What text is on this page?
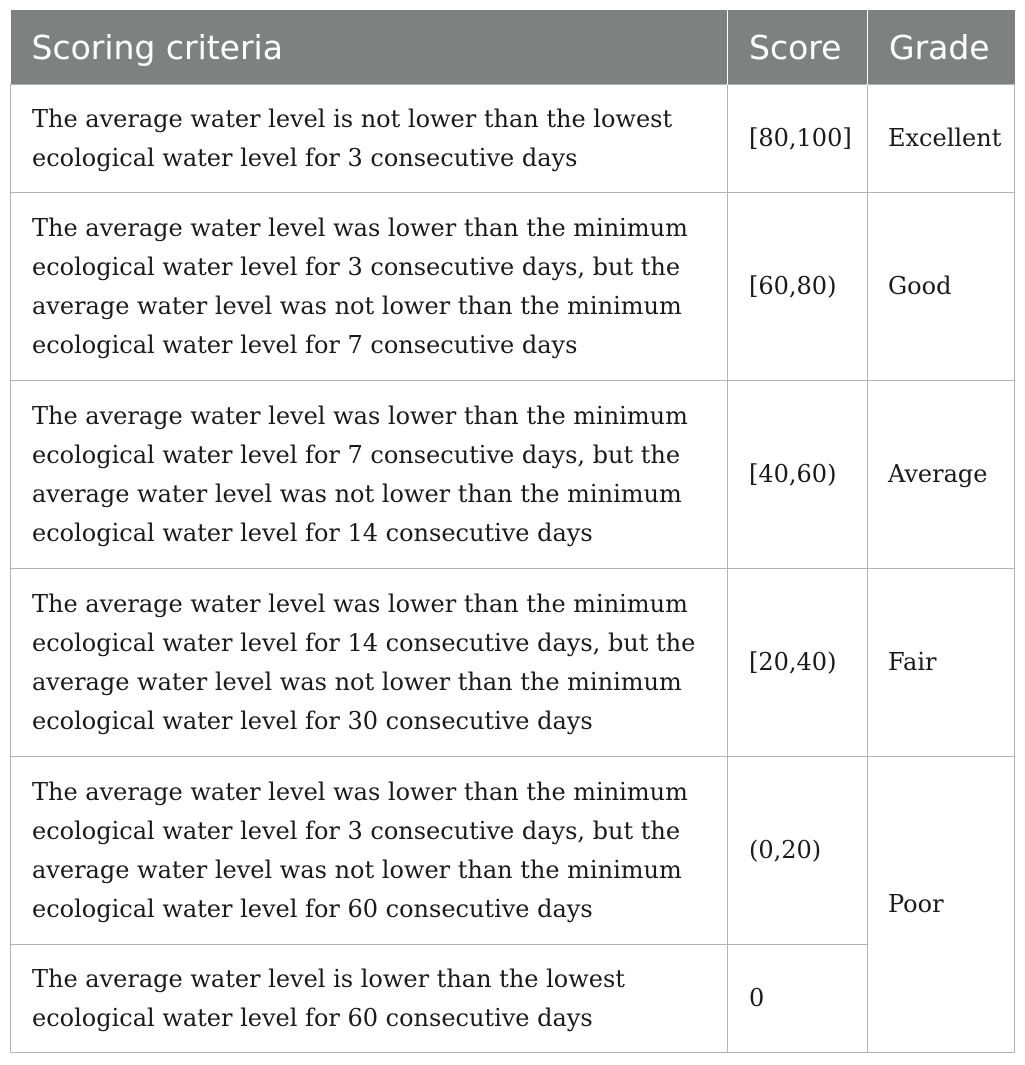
Scoring criteria	Score	Grade
The average water level is not lower than the lowest ecological water level for 3 consecutive days	[80,100]	Excellent
The average water level was lower than the minimum ecological water level for 3 consecutive days, but the average water level was not lower than the minimum ecological water level for 7 consecutive days	[60,80)	Good
The average water level was lower than the minimum ecological water level for 7 consecutive days, but the average water level was not lower than the minimum ecological water level for 14 consecutive days	[40,60)	Average
The average water level was lower than the minimum ecological water level for 14 consecutive days, but the average water level was not lower than the minimum ecological water level for 30 consecutive days	[20,40)	Fair
The average water level was lower than the minimum ecological water level for 3 consecutive days, but the average water level was not lower than the minimum ecological water level for 60 consecutive days	(0,20)	Poor
The average water level is lower than the lowest ecological water level for 60 consecutive days	0	
